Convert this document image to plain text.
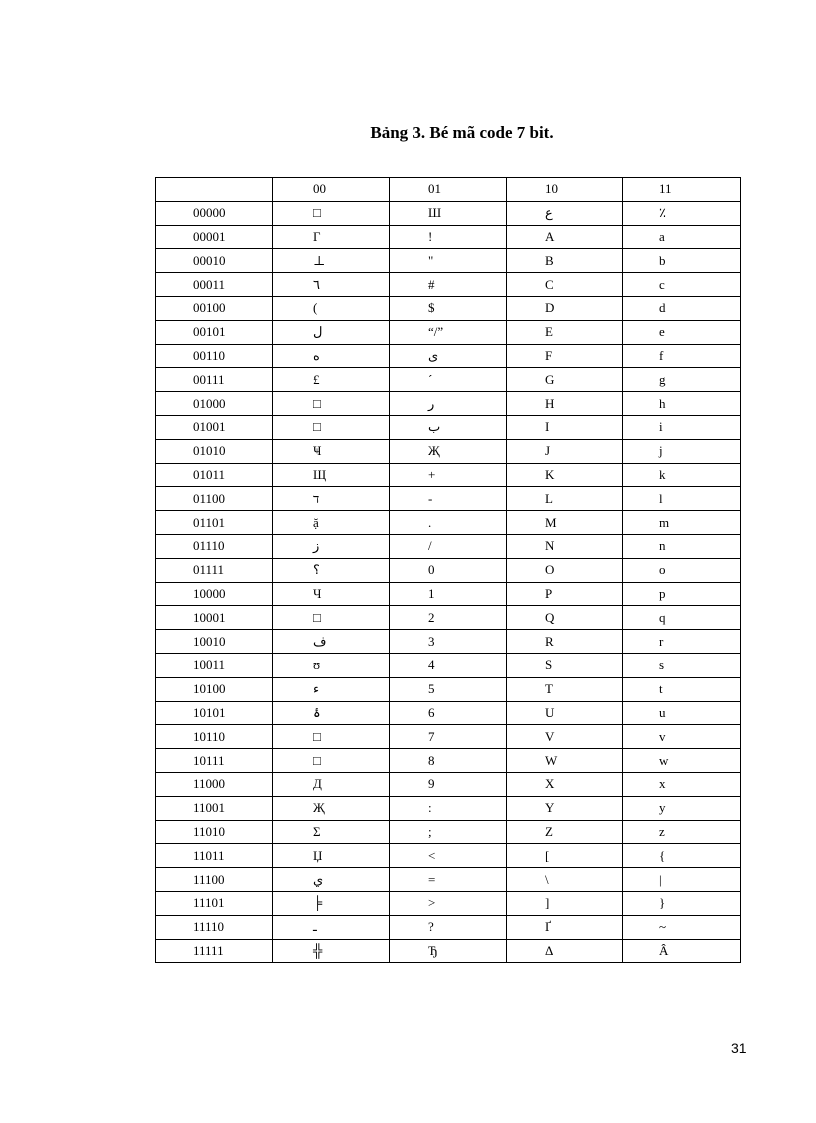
Bảng 3. Bé mã code 7 bit.
	00	01	10	11
00000	□	Ш	ع	٪
00001	Γ	!	A	a
00010	⊥	"	B	b
00011	٦	#	C	c
00100	(	$	D	d
00101	ل	“/”	E	e
00110	ه	ى	F	f
00111	£	´	G	g
01000	□	ر	H	h
01001	□	ب	I	i
01010	Ҹ	Җ	J	j
01011	Щ	+	K	k
01100	ד	-	L	l
01101	ặ	.	M	m
01110	ز	/	N	n
01111	؟	0	O	o
10000	Ч	1	P	p
10001	□	2	Q	q
10010	ف	3	R	r
10011	ʊ	4	S	s
10100	ء	5	T	t
10101	ۀ	6	U	u
10110	□	7	V	v
10111	□	8	W	w
11000	Д	9	X	x
11001	Җ	:	Y	y
11010	Σ	;	Z	z
11011	Џ	<	[	{
11100	ي	=	\	|
11101	╞	>	]	}
11110	ـ	?	Ґ	~
11111	╬	Ђ	Δ	Â
31
